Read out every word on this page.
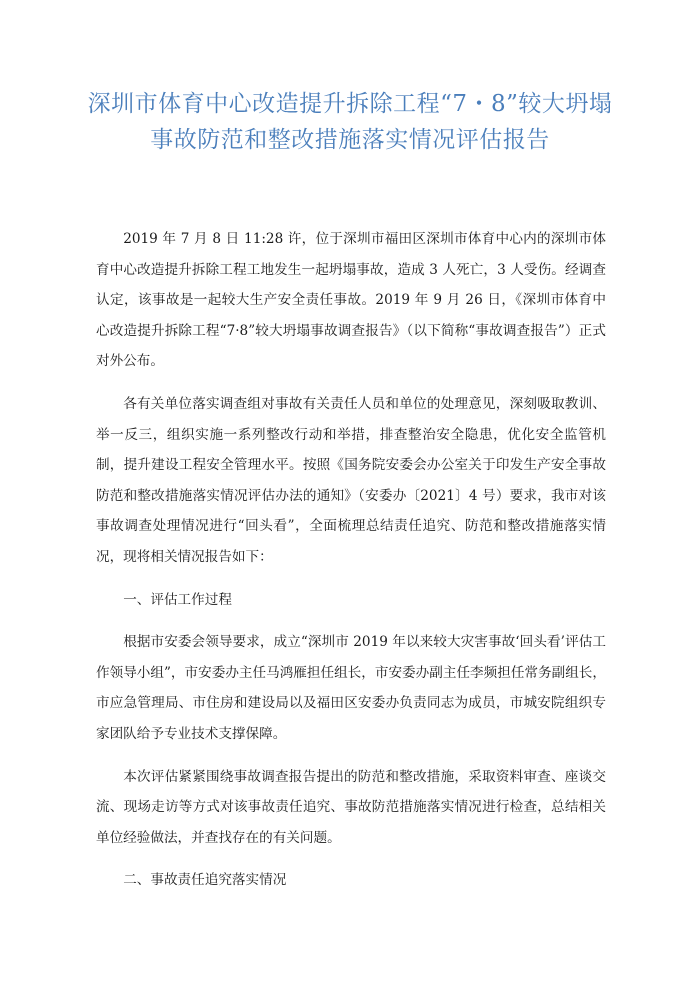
深圳市体育中心改造提升拆除工程“7・8”较大坍塌
事故防范和整改措施落实情况评估报告

2019 年 7 月 8 日 11:28 许，位于深圳市福田区深圳市体育中心内的深圳市体育中心改造提升拆除工程工地发生一起坍塌事故，造成 3 人死亡，3 人受伤。经调查认定，该事故是一起较大生产安全责任事故。2019 年 9 月 26 日，《深圳市体育中心改造提升拆除工程“7·8”较大坍塌事故调查报告》（以下简称“事故调查报告”）正式对外公布。

各有关单位落实调查组对事故有关责任人员和单位的处理意见，深刻吸取教训、举一反三，组织实施一系列整改行动和举措，排查整治安全隐患，优化安全监管机制，提升建设工程安全管理水平。按照《国务院安委会办公室关于印发生产安全事故防范和整改措施落实情况评估办法的通知》（安委办〔2021〕4 号）要求，我市对该事故调查处理情况进行“回头看”，全面梳理总结责任追究、防范和整改措施落实情况，现将相关情况报告如下：

一、评估工作过程

根据市安委会领导要求，成立“深圳市 2019 年以来较大灾害事故‘回头看’评估工作领导小组”，市安委办主任马鸿雁担任组长，市安委办副主任李频担任常务副组长，市应急管理局、市住房和建设局以及福田区安委办负责同志为成员，市城安院组织专家团队给予专业技术支撑保障。

本次评估紧紧围绕事故调查报告提出的防范和整改措施，采取资料审查、座谈交流、现场走访等方式对该事故责任追究、事故防范措施落实情况进行检查，总结相关单位经验做法，并查找存在的有关问题。

二、事故责任追究落实情况
